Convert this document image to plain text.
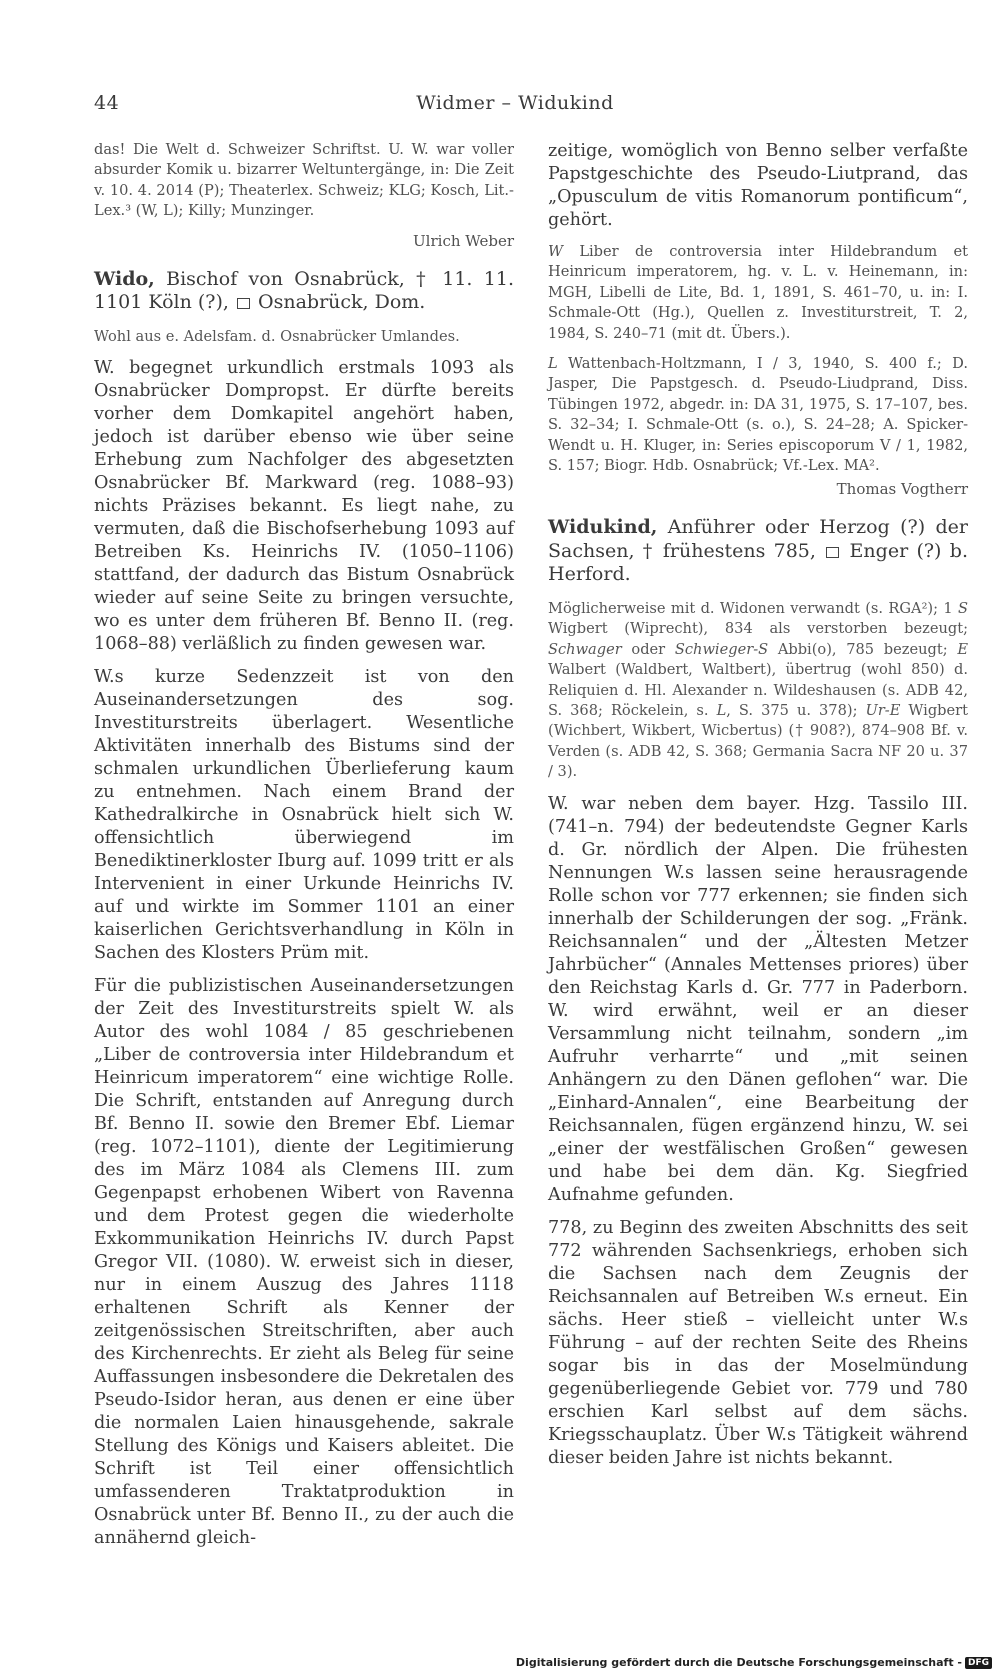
44	Widmer – Widukind

das! Die Welt d. Schweizer Schriftst. U. W. war voller absurder Komik u. bizarrer Weltuntergänge, in: Die Zeit v. 10. 4. 2014 (P); Theaterlex. Schweiz; KLG; Kosch, Lit.-Lex.³ (W, L); Killy; Munzinger.

Ulrich Weber

Wido, Bischof von Osnabrück, † 11. 11. 1101 Köln (?),  Osnabrück, Dom.

Wohl aus e. Adelsfam. d. Osnabrücker Umlandes.

W. begegnet urkundlich erstmals 1093 als Osnabrücker Dompropst. Er dürfte bereits vorher dem Domkapitel angehört haben, jedoch ist darüber ebenso wie über seine Erhebung zum Nachfolger des abgesetzten Osnabrücker Bf. Markward (reg. 1088–93) nichts Präzises bekannt. Es liegt nahe, zu vermuten, daß die Bischofserhebung 1093 auf Betreiben Ks. Heinrichs IV. (1050–1106) stattfand, der dadurch das Bistum Osnabrück wieder auf seine Seite zu bringen versuchte, wo es unter dem früheren Bf. Benno II. (reg. 1068–88) verläßlich zu finden gewesen war.

W.s kurze Sedenzzeit ist von den Auseinandersetzungen des sog. Investiturstreits überlagert. Wesentliche Aktivitäten innerhalb des Bistums sind der schmalen urkundlichen Überlieferung kaum zu entnehmen. Nach einem Brand der Kathedralkirche in Osnabrück hielt sich W. offensichtlich überwiegend im Benediktinerkloster Iburg auf. 1099 tritt er als Intervenient in einer Urkunde Heinrichs IV. auf und wirkte im Sommer 1101 an einer kaiserlichen Gerichtsverhandlung in Köln in Sachen des Klosters Prüm mit.

Für die publizistischen Auseinandersetzungen der Zeit des Investiturstreits spielt W. als Autor des wohl 1084 / 85 geschriebenen „Liber de controversia inter Hildebrandum et Heinricum imperatorem“ eine wichtige Rolle. Die Schrift, entstanden auf Anregung durch Bf. Benno II. sowie den Bremer Ebf. Liemar (reg. 1072–1101), diente der Legitimierung des im März 1084 als Clemens III. zum Gegenpapst erhobenen Wibert von Ravenna und dem Protest gegen die wiederholte Exkommunikation Heinrichs IV. durch Papst Gregor VII. (1080). W. erweist sich in dieser, nur in einem Auszug des Jahres 1118 erhaltenen Schrift als Kenner der zeitgenössischen Streitschriften, aber auch des Kirchenrechts. Er zieht als Beleg für seine Auffassungen insbesondere die Dekretalen des Pseudo-Isidor heran, aus denen er eine über die normalen Laien hinausgehende, sakrale Stellung des Königs und Kaisers ableitet. Die Schrift ist Teil einer offensichtlich umfassenderen Traktatproduktion in Osnabrück unter Bf. Benno II., zu der auch die annähernd gleich-

zeitige, womöglich von Benno selber verfaßte Papstgeschichte des Pseudo-Liutprand, das „Opusculum de vitis Romanorum pontificum“, gehört.

W Liber de controversia inter Hildebrandum et Heinricum imperatorem, hg. v. L. v. Heinemann, in: MGH, Libelli de Lite, Bd. 1, 1891, S. 461–70, u. in: I. Schmale-Ott (Hg.), Quellen z. Investiturstreit, T. 2, 1984, S. 240–71 (mit dt. Übers.).

L Wattenbach-Holtzmann, I / 3, 1940, S. 400 f.; D. Jasper, Die Papstgesch. d. Pseudo-Liudprand, Diss. Tübingen 1972, abgedr. in: DA 31, 1975, S. 17–107, bes. S. 32–34; I. Schmale-Ott (s. o.), S. 24–28; A. Spicker-Wendt u. H. Kluger, in: Series episcoporum V / 1, 1982, S. 157; Biogr. Hdb. Osnabrück; Vf.-Lex. MA².

Thomas Vogtherr

Widukind, Anführer oder Herzog (?) der Sachsen, † frühestens 785,  Enger (?) b. Herford.

Möglicherweise mit d. Widonen verwandt (s. RGA²); 1 S Wigbert (Wiprecht), 834 als verstorben bezeugt; Schwager oder Schwieger-S Abbi(o), 785 bezeugt; E Walbert (Waldbert, Waltbert), übertrug (wohl 850) d. Reliquien d. Hl. Alexander n. Wildeshausen (s. ADB 42, S. 368; Röckelein, s. L, S. 375 u. 378); Ur-E Wigbert (Wichbert, Wikbert, Wicbertus) († 908?), 874–908 Bf. v. Verden (s. ADB 42, S. 368; Germania Sacra NF 20 u. 37 / 3).

W. war neben dem bayer. Hzg. Tassilo III. (741–n. 794) der bedeutendste Gegner Karls d. Gr. nördlich der Alpen. Die frühesten Nennungen W.s lassen seine herausragende Rolle schon vor 777 erkennen; sie finden sich innerhalb der Schilderungen der sog. „Fränk. Reichsannalen“ und der „Ältesten Metzer Jahrbücher“ (Annales Mettenses priores) über den Reichstag Karls d. Gr. 777 in Paderborn. W. wird erwähnt, weil er an dieser Versammlung nicht teilnahm, sondern „im Aufruhr verharrte“ und „mit seinen Anhängern zu den Dänen geflohen“ war. Die „Einhard-Annalen“, eine Bearbeitung der Reichsannalen, fügen ergänzend hinzu, W. sei „einer der westfälischen Großen“ gewesen und habe bei dem dän. Kg. Siegfried Aufnahme gefunden.

778, zu Beginn des zweiten Abschnitts des seit 772 währenden Sachsenkriegs, erhoben sich die Sachsen nach dem Zeugnis der Reichsannalen auf Betreiben W.s erneut. Ein sächs. Heer stieß – vielleicht unter W.s Führung – auf der rechten Seite des Rheins sogar bis in das der Moselmündung gegenüberliegende Gebiet vor. 779 und 780 erschien Karl selbst auf dem sächs. Kriegsschauplatz. Über W.s Tätigkeit während dieser beiden Jahre ist nichts bekannt.

Digitalisierung gefördert durch die Deutsche Forschungsgemeinschaft - DFG
